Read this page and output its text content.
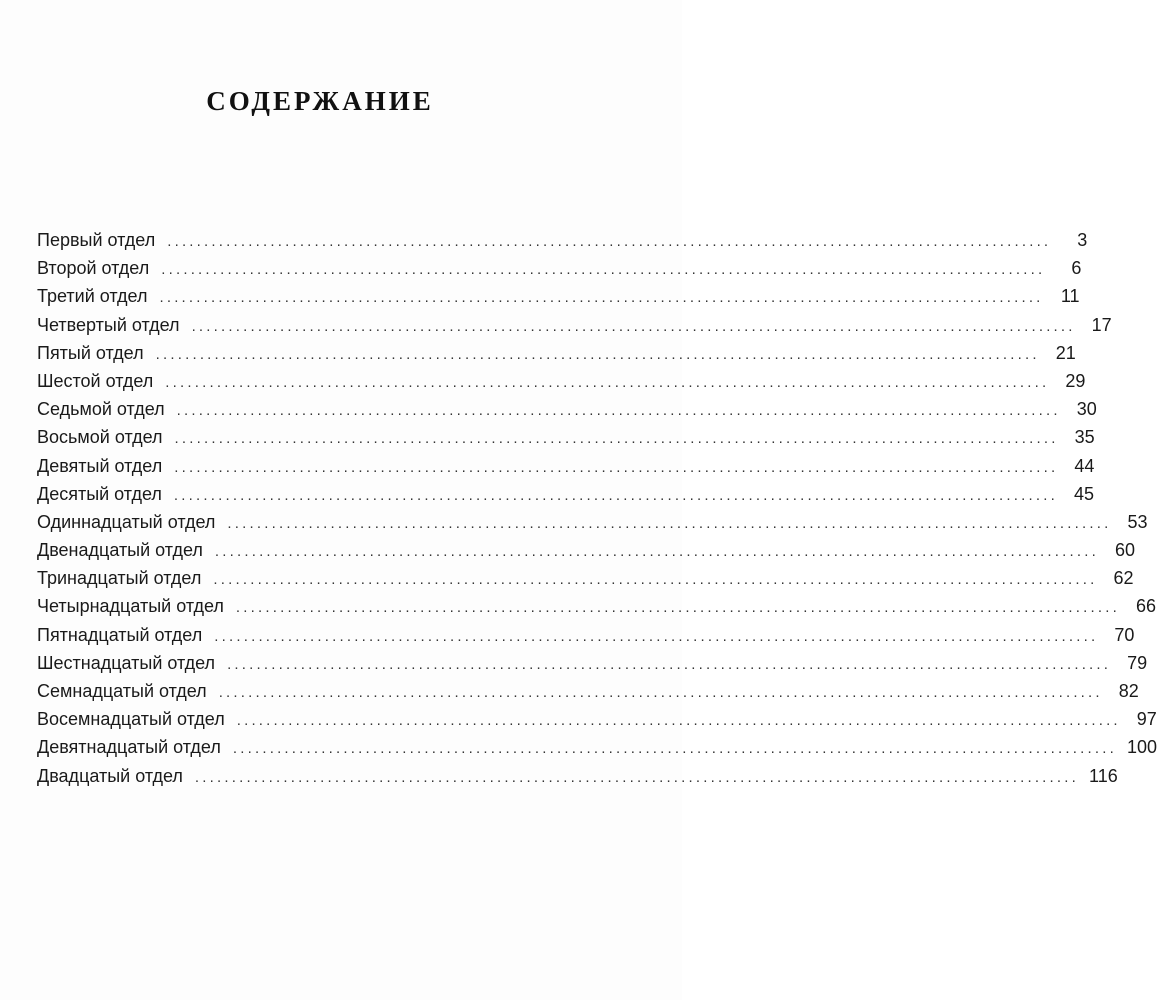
СОДЕРЖАНИЕ
Первый отдел ........................................................................................................................	3
Второй отдел ........................................................................................................................	6
Третий отдел ........................................................................................................................ 11
Четвертый отдел ........................................................................................................................ 17
Пятый отдел ........................................................................................................................ 21
Шестой отдел ........................................................................................................................ 29
Седьмой отдел ........................................................................................................................ 30
Восьмой отдел ........................................................................................................................ 35
Девятый отдел ........................................................................................................................ 44
Десятый отдел ........................................................................................................................ 45
Одиннадцатый отдел ........................................................................................................................ 53
Двенадцатый отдел ........................................................................................................................ 60
Тринадцатый отдел ........................................................................................................................ 62
Четырнадцатый отдел ........................................................................................................................ 66
Пятнадцатый отдел ........................................................................................................................ 70
Шестнадцатый отдел ........................................................................................................................ 79
Семнадцатый отдел ........................................................................................................................ 82
Восемнадцатый отдел ........................................................................................................................ 97
Девятнадцатый отдел ........................................................................................................................ 100
Двадцатый отдел ........................................................................................................................ 116
